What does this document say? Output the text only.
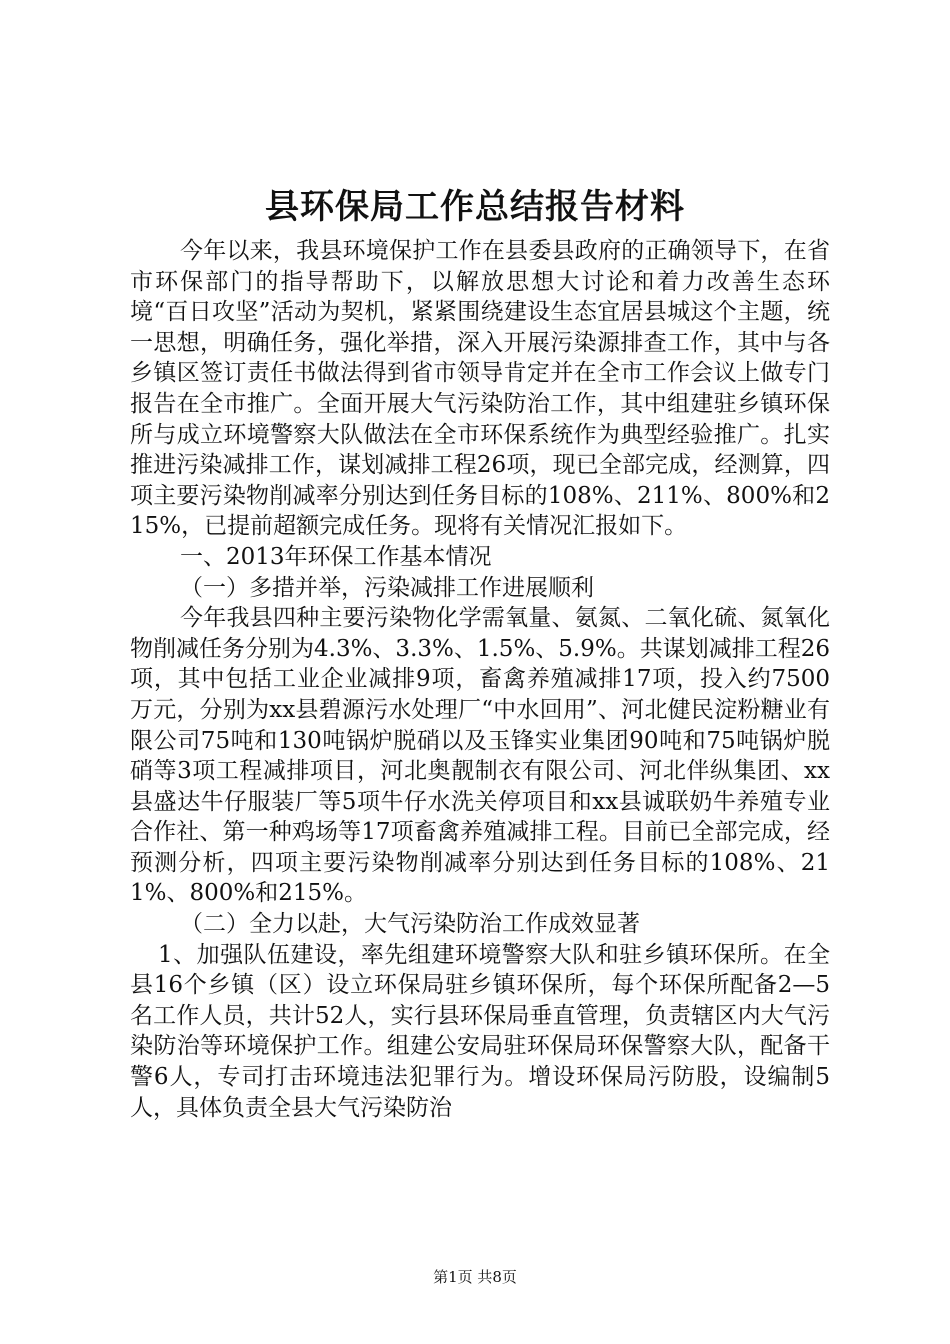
县环保局工作总结报告材料

今年以来，我县环境保护工作在县委县政府的正确领导下，在省市环保部门的指导帮助下，以解放思想大讨论和着力改善生态环境“百日攻坚”活动为契机，紧紧围绕建设生态宜居县城这个主题，统一思想，明确任务，强化举措，深入开展污染源排查工作，其中与各乡镇区签订责任书做法得到省市领导肯定并在全市工作会议上做专门报告在全市推广。全面开展大气污染防治工作，其中组建驻乡镇环保所与成立环境警察大队做法在全市环保系统作为典型经验推广。扎实推进污染减排工作，谋划减排工程26项，现已全部完成，经测算，四项主要污染物削减率分别达到任务目标的108%、211%、800%和215%，已提前超额完成任务。现将有关情况汇报如下。

一、2013年环保工作基本情况

（一）多措并举，污染减排工作进展顺利

今年我县四种主要污染物化学需氧量、氨氮、二氧化硫、氮氧化物削减任务分别为4.3%、3.3%、1.5%、5.9%。共谋划减排工程26项，其中包括工业企业减排9项，畜禽养殖减排17项，投入约7500万元，分别为xx县碧源污水处理厂“中水回用”、河北健民淀粉糖业有限公司75吨和130吨锅炉脱硝以及玉锋实业集团90吨和75吨锅炉脱硝等3项工程减排项目，河北奥靓制衣有限公司、河北伴纵集团、xx县盛达牛仔服装厂等5项牛仔水洗关停项目和xx县诚联奶牛养殖专业合作社、第一种鸡场等17项畜禽养殖减排工程。目前已全部完成，经预测分析，四项主要污染物削减率分别达到任务目标的108%、211%、800%和215%。

（二）全力以赴，大气污染防治工作成效显著

1、加强队伍建设，率先组建环境警察大队和驻乡镇环保所。在全县16个乡镇（区）设立环保局驻乡镇环保所，每个环保所配备2—5名工作人员，共计52人，实行县环保局垂直管理，负责辖区内大气污染防治等环境保护工作。组建公安局驻环保局环保警察大队，配备干警6人，专司打击环境违法犯罪行为。增设环保局污防股，设编制5人，具体负责全县大气污染防治

第1页 共8页
